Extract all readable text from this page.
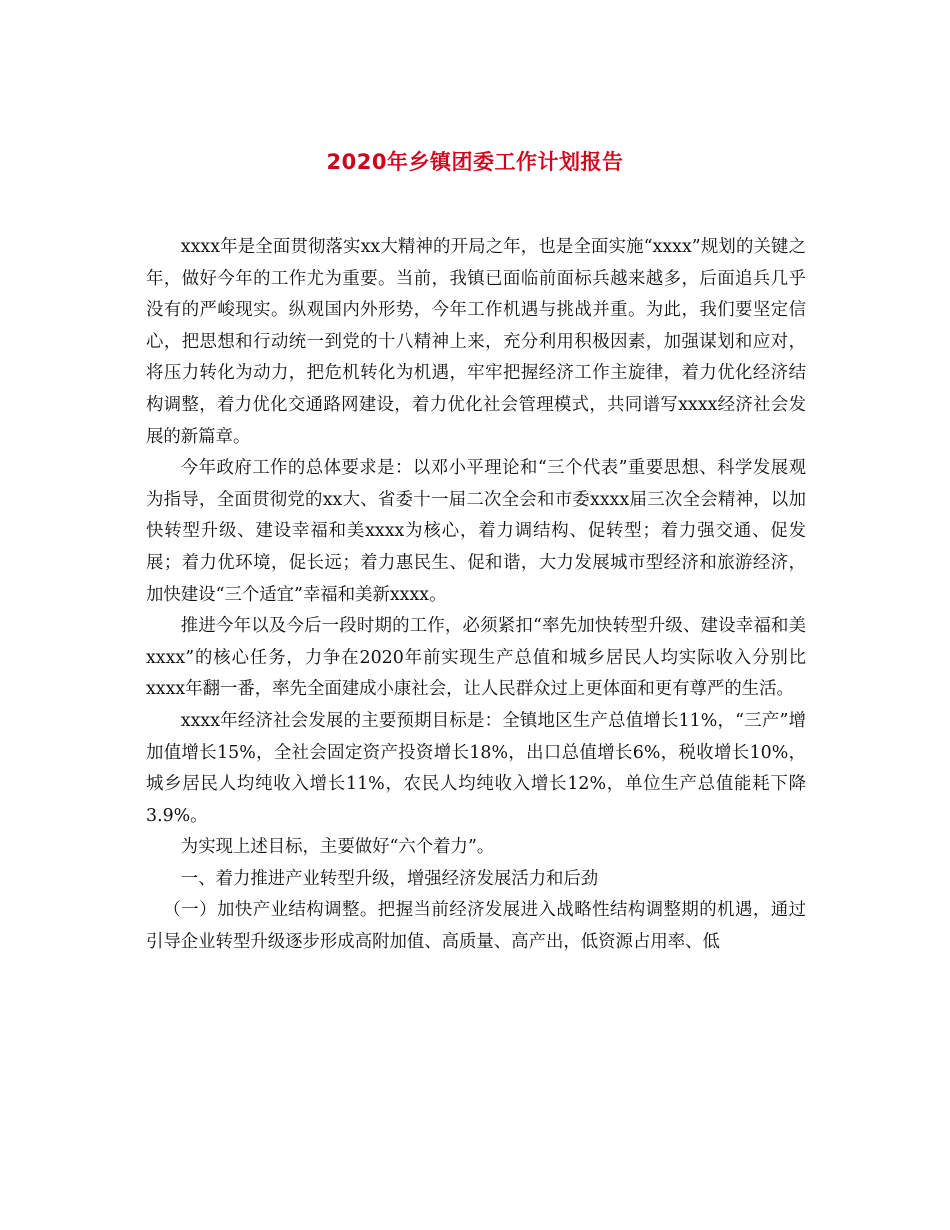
2020年乡镇团委工作计划报告

xxxx年是全面贯彻落实xx大精神的开局之年，也是全面实施“xxxx”规划的关键之年，做好今年的工作尤为重要。当前，我镇已面临前面标兵越来越多，后面追兵几乎没有的严峻现实。纵观国内外形势，今年工作机遇与挑战并重。为此，我们要坚定信心，把思想和行动统一到党的十八精神上来，充分利用积极因素，加强谋划和应对，将压力转化为动力，把危机转化为机遇，牢牢把握经济工作主旋律，着力优化经济结构调整，着力优化交通路网建设，着力优化社会管理模式，共同谱写xxxx经济社会发展的新篇章。

今年政府工作的总体要求是：以邓小平理论和“三个代表”重要思想、科学发展观为指导，全面贯彻党的xx大、省委十一届二次全会和市委xxxx届三次全会精神，以加快转型升级、建设幸福和美xxxx为核心，着力调结构、促转型；着力强交通、促发展；着力优环境，促长远；着力惠民生、促和谐，大力发展城市型经济和旅游经济，加快建设“三个适宜”幸福和美新xxxx。

推进今年以及今后一段时期的工作，必须紧扣“率先加快转型升级、建设幸福和美xxxx”的核心任务，力争在2020年前实现生产总值和城乡居民人均实际收入分别比xxxx年翻一番，率先全面建成小康社会，让人民群众过上更体面和更有尊严的生活。

xxxx年经济社会发展的主要预期目标是：全镇地区生产总值增长11%，“三产”增加值增长15%，全社会固定资产投资增长18%，出口总值增长6%，税收增长10%，城乡居民人均纯收入增长11%，农民人均纯收入增长12%，单位生产总值能耗下降3.9%。

为实现上述目标，主要做好“六个着力”。

一、着力推进产业转型升级，增强经济发展活力和后劲

（一）加快产业结构调整。把握当前经济发展进入战略性结构调整期的机遇，通过引导企业转型升级逐步形成高附加值、高质量、高产出，低资源占用率、低
